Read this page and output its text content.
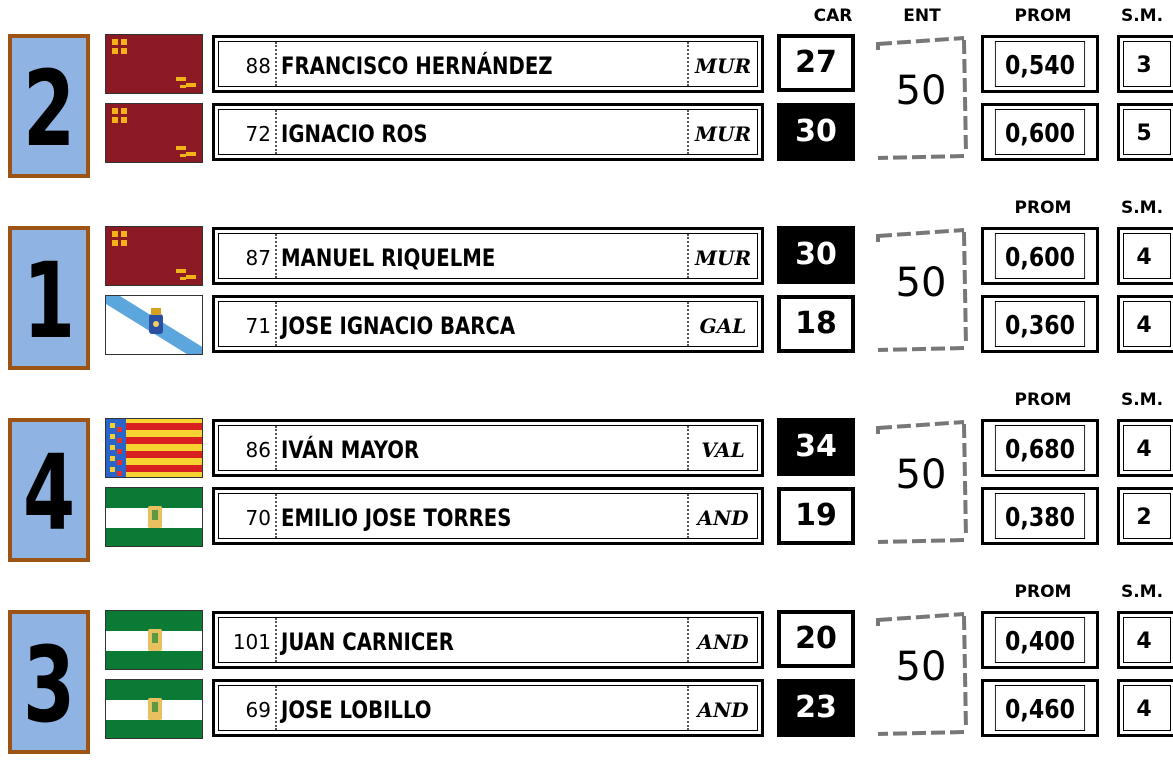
CAR	ENT	PROM	S.M.
PROM	S.M.
PROM	S.M.
PROM	S.M.
2	88 FRANCISCO HERNÁNDEZ	MUR	27	0,540	3
72 IGNACIO ROS	MUR	30	0,600	5
50
1	87 MANUEL RIQUELME	MUR	30	0,600	4
71 JOSE IGNACIO BARCA	GAL	18	0,360	4
50
4	86 IVÁN MAYOR	VAL	34	0,680	4
70 EMILIO JOSE TORRES	AND	19	0,380	2
50
3	101 JUAN CARNICER	AND	20	0,400	4
69 JOSE LOBILLO	AND	23	0,460	4
50
